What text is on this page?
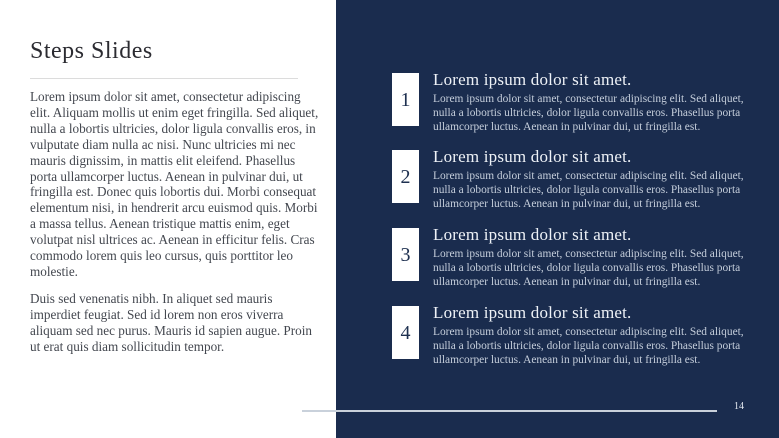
Steps Slides

Lorem ipsum dolor sit amet, consectetur adipiscing elit. Aliquam mollis ut enim eget fringilla. Sed aliquet, nulla a lobortis ultricies, dolor ligula convallis eros, in vulputate diam nulla ac nisi. Nunc ultricies mi nec mauris dignissim, in mattis elit eleifend. Phasellus porta ullamcorper luctus. Aenean in pulvinar dui, ut fringilla est. Donec quis lobortis dui. Morbi consequat elementum nisi, in hendrerit arcu euismod quis. Morbi a massa tellus. Aenean tristique mattis enim, eget volutpat nisl ultrices ac. Aenean in efficitur felis. Cras commodo lorem quis leo cursus, quis porttitor leo molestie.

Duis sed venenatis nibh. In aliquet sed mauris imperdiet feugiat. Sed id lorem non eros viverra aliquam sed nec purus. Mauris id sapien augue. Proin ut erat quis diam sollicitudin tempor.

1
Lorem ipsum dolor sit amet.
Lorem ipsum dolor sit amet, consectetur adipiscing elit. Sed aliquet, nulla a lobortis ultricies, dolor ligula convallis eros. Phasellus porta ullamcorper luctus. Aenean in pulvinar dui, ut fringilla est.
2
Lorem ipsum dolor sit amet.
Lorem ipsum dolor sit amet, consectetur adipiscing elit. Sed aliquet, nulla a lobortis ultricies, dolor ligula convallis eros. Phasellus porta ullamcorper luctus. Aenean in pulvinar dui, ut fringilla est.
3
Lorem ipsum dolor sit amet.
Lorem ipsum dolor sit amet, consectetur adipiscing elit. Sed aliquet, nulla a lobortis ultricies, dolor ligula convallis eros. Phasellus porta ullamcorper luctus. Aenean in pulvinar dui, ut fringilla est.
4
Lorem ipsum dolor sit amet.
Lorem ipsum dolor sit amet, consectetur adipiscing elit. Sed aliquet, nulla a lobortis ultricies, dolor ligula convallis eros. Phasellus porta ullamcorper luctus. Aenean in pulvinar dui, ut fringilla est.
14
